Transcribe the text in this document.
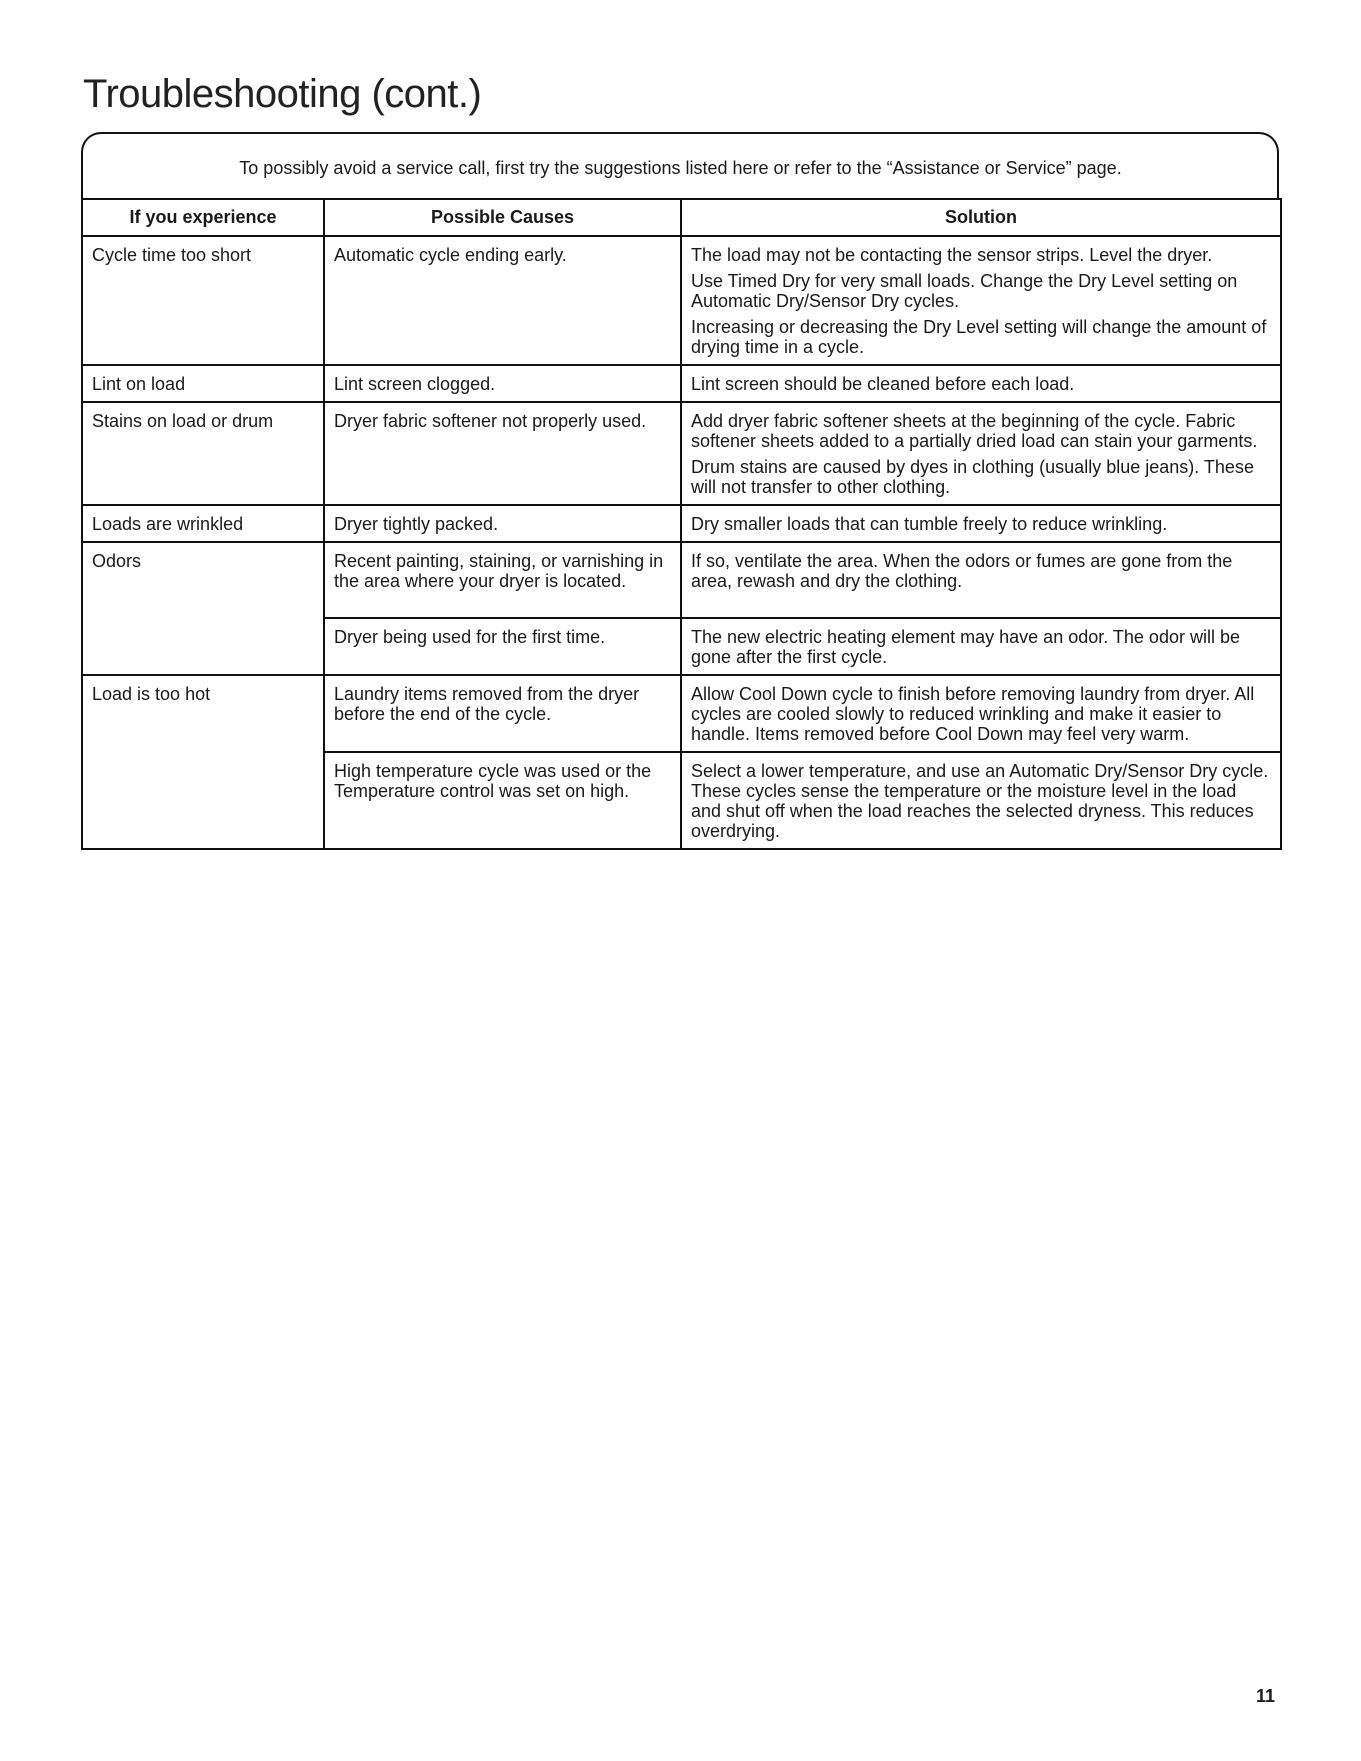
Troubleshooting (cont.)
To possibly avoid a service call, first try the suggestions listed here or refer to the “Assistance or Service” page.
If you experience	Possible Causes	Solution
Cycle time too short	Automatic cycle ending early.	The load may not be contacting the sensor strips. Level the dryer.

Use Timed Dry for very small loads. Change the Dry Level setting on Automatic Dry/Sensor Dry cycles.

Increasing or decreasing the Dry Level setting will change the amount of drying time in a cycle.

Lint on load	Lint screen clogged.	Lint screen should be cleaned before each load.

Stains on load or drum	Dryer fabric softener not properly used.	Add dryer fabric softener sheets at the beginning of the cycle. Fabric softener sheets added to a partially dried load can stain your garments.

Drum stains are caused by dyes in clothing (usually blue jeans). These will not transfer to other clothing.

Loads are wrinkled	Dryer tightly packed.	Dry smaller loads that can tumble freely to reduce wrinkling.

Odors	Recent painting, staining, or varnishing in the area where your dryer is located.	If so, ventilate the area. When the odors or fumes are gone from the area, rewash and dry the clothing.

	Dryer being used for the first time.	The new electric heating element may have an odor. The odor will be gone after the first cycle.

Load is too hot	Laundry items removed from the dryer before the end of the cycle.	Allow Cool Down cycle to finish before removing laundry from dryer. All cycles are cooled slowly to reduced wrinkling and make it easier to handle. Items removed before Cool Down may feel very warm.

	High temperature cycle was used or the Temperature control was set on high.	Select a lower temperature, and use an Automatic Dry/Sensor Dry cycle. These cycles sense the temperature or the moisture level in the load and shut off when the load reaches the selected dryness. This reduces overdrying.

11
